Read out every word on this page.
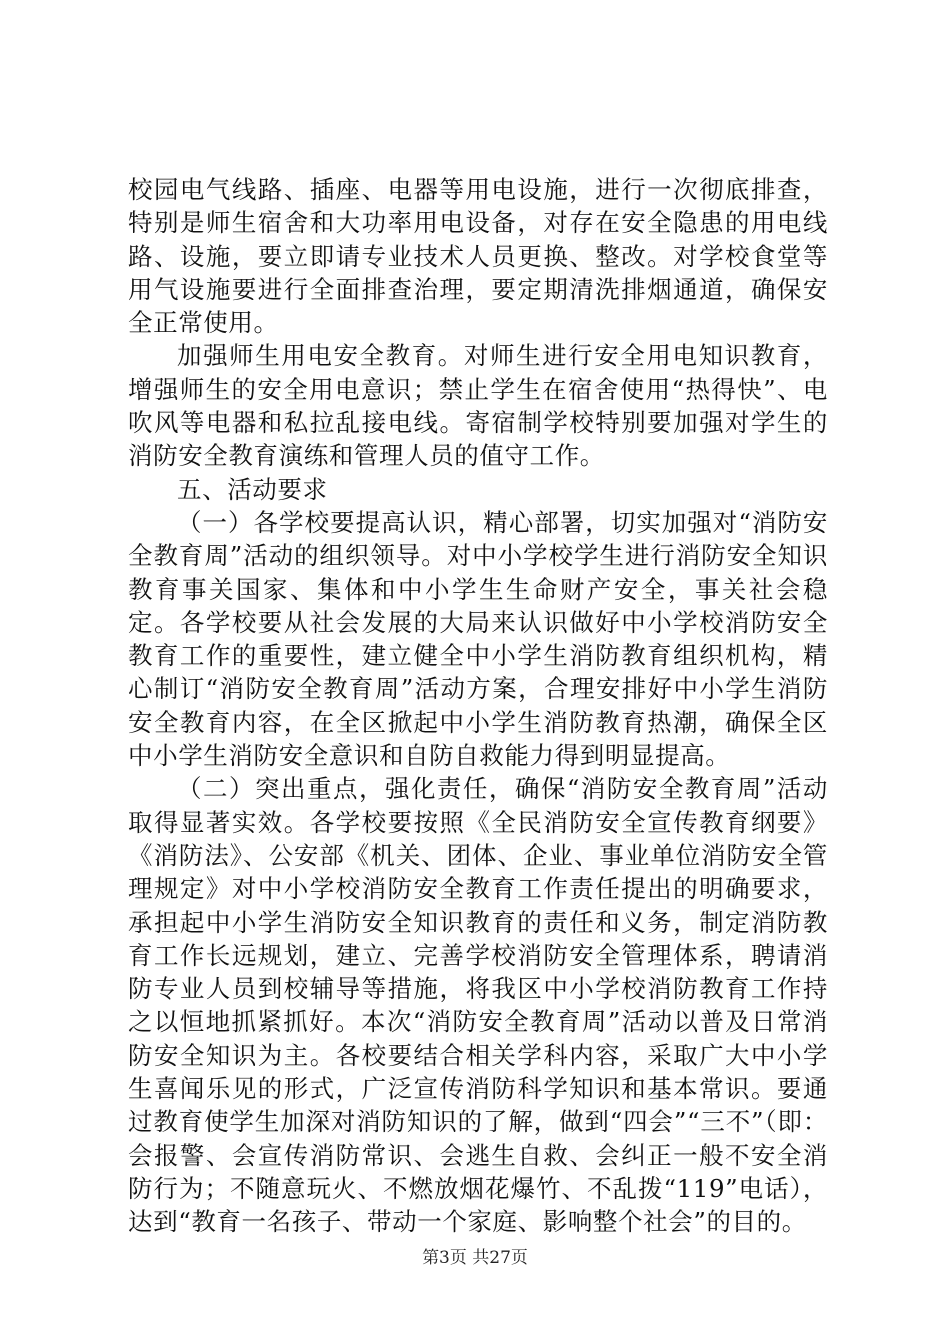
校园电气线路、插座、电器等用电设施，进行一次彻底排查，特别是师生宿舍和大功率用电设备，对存在安全隐患的用电线路、设施，要立即请专业技术人员更换、整改。对学校食堂等用气设施要进行全面排查治理，要定期清洗排烟通道，确保安全正常使用。

加强师生用电安全教育。对师生进行安全用电知识教育，增强师生的安全用电意识；禁止学生在宿舍使用“热得快”、电吹风等电器和私拉乱接电线。寄宿制学校特别要加强对学生的消防安全教育演练和管理人员的值守工作。

五、活动要求

（一）各学校要提高认识，精心部署，切实加强对“消防安全教育周”活动的组织领导。对中小学校学生进行消防安全知识教育事关国家、集体和中小学生生命财产安全，事关社会稳定。各学校要从社会发展的大局来认识做好中小学校消防安全教育工作的重要性，建立健全中小学生消防教育组织机构，精心制订“消防安全教育周”活动方案，合理安排好中小学生消防安全教育内容，在全区掀起中小学生消防教育热潮，确保全区中小学生消防安全意识和自防自救能力得到明显提高。

（二）突出重点，强化责任，确保“消防安全教育周”活动取得显著实效。各学校要按照《全民消防安全宣传教育纲要》《消防法》、公安部《机关、团体、企业、事业单位消防安全管理规定》对中小学校消防安全教育工作责任提出的明确要求，承担起中小学生消防安全知识教育的责任和义务，制定消防教育工作长远规划，建立、完善学校消防安全管理体系，聘请消防专业人员到校辅导等措施，将我区中小学校消防教育工作持之以恒地抓紧抓好。本次“消防安全教育周”活动以普及日常消防安全知识为主。各校要结合相关学科内容，采取广大中小学生喜闻乐见的形式，广泛宣传消防科学知识和基本常识。要通过教育使学生加深对消防知识的了解，做到“四会”“三不”（即：会报警、会宣传消防常识、会逃生自救、会纠正一般不安全消防行为；不随意玩火、不燃放烟花爆竹、不乱拨“119”电话），达到“教育一名孩子、带动一个家庭、影响整个社会”的目的。

第3页 共27页
